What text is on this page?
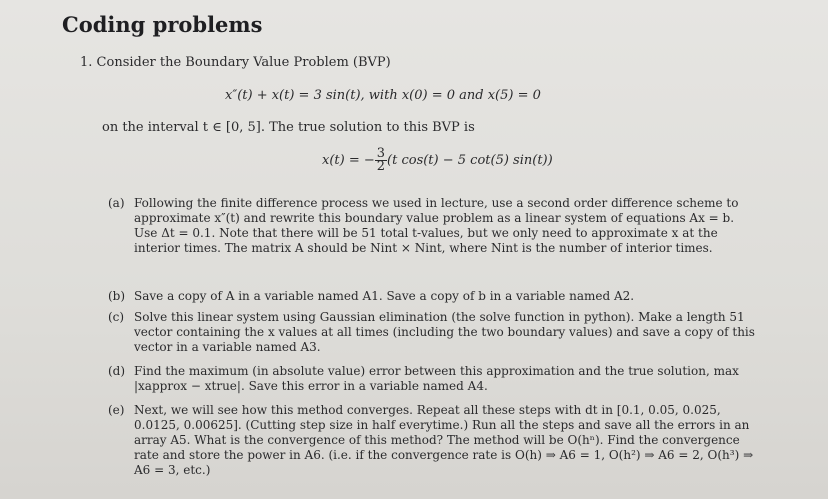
Coding problems
1. Consider the Boundary Value Problem (BVP)
x″(t) + x(t) = 3 sin(t), with x(0) = 0 and x(5) = 0
on the interval t ∈ [0, 5]. The true solution to this BVP is
x(t) = − $\frac{3}{2} (t$ cos(t) − 5 cot(5) sin(t))
(a) Following the finite difference process we used in lecture, use a second order difference scheme to approximate x″(t) and rewrite this boundary value problem as a linear system of equations Ax = b. Use Δt = 0.1. Note that there will be 51 total t-values, but we only need to approximate x at the interior times. The matrix A should be Nint × Nint, where Nint is the number of interior times.
(b) Save a copy of A in a variable named A1. Save a copy of b in a variable named A2.
(c) Solve this linear system using Gaussian elimination (the solve function in python). Make a length 51 vector containing the x values at all times (including the two boundary values) and save a copy of this vector in a variable named A3.
(d) Find the maximum (in absolute value) error between this approximation and the true solution, max |xapprox − xtrue|. Save this error in a variable named A4.
(e) Next, we will see how this method converges. Repeat all these steps with dt in [0.1, 0.05, 0.025, 0.0125, 0.00625]. (Cutting step size in half everytime.) Run all the steps and save all the errors in an array A5. What is the convergence of this method? The method will be O(hⁿ). Find the convergence rate and store the power in A6. (i.e. if the convergence rate is O(h) ⇒ A6 = 1, O(h²) ⇒ A6 = 2, O(h³) ⇒ A6 = 3, etc.)
